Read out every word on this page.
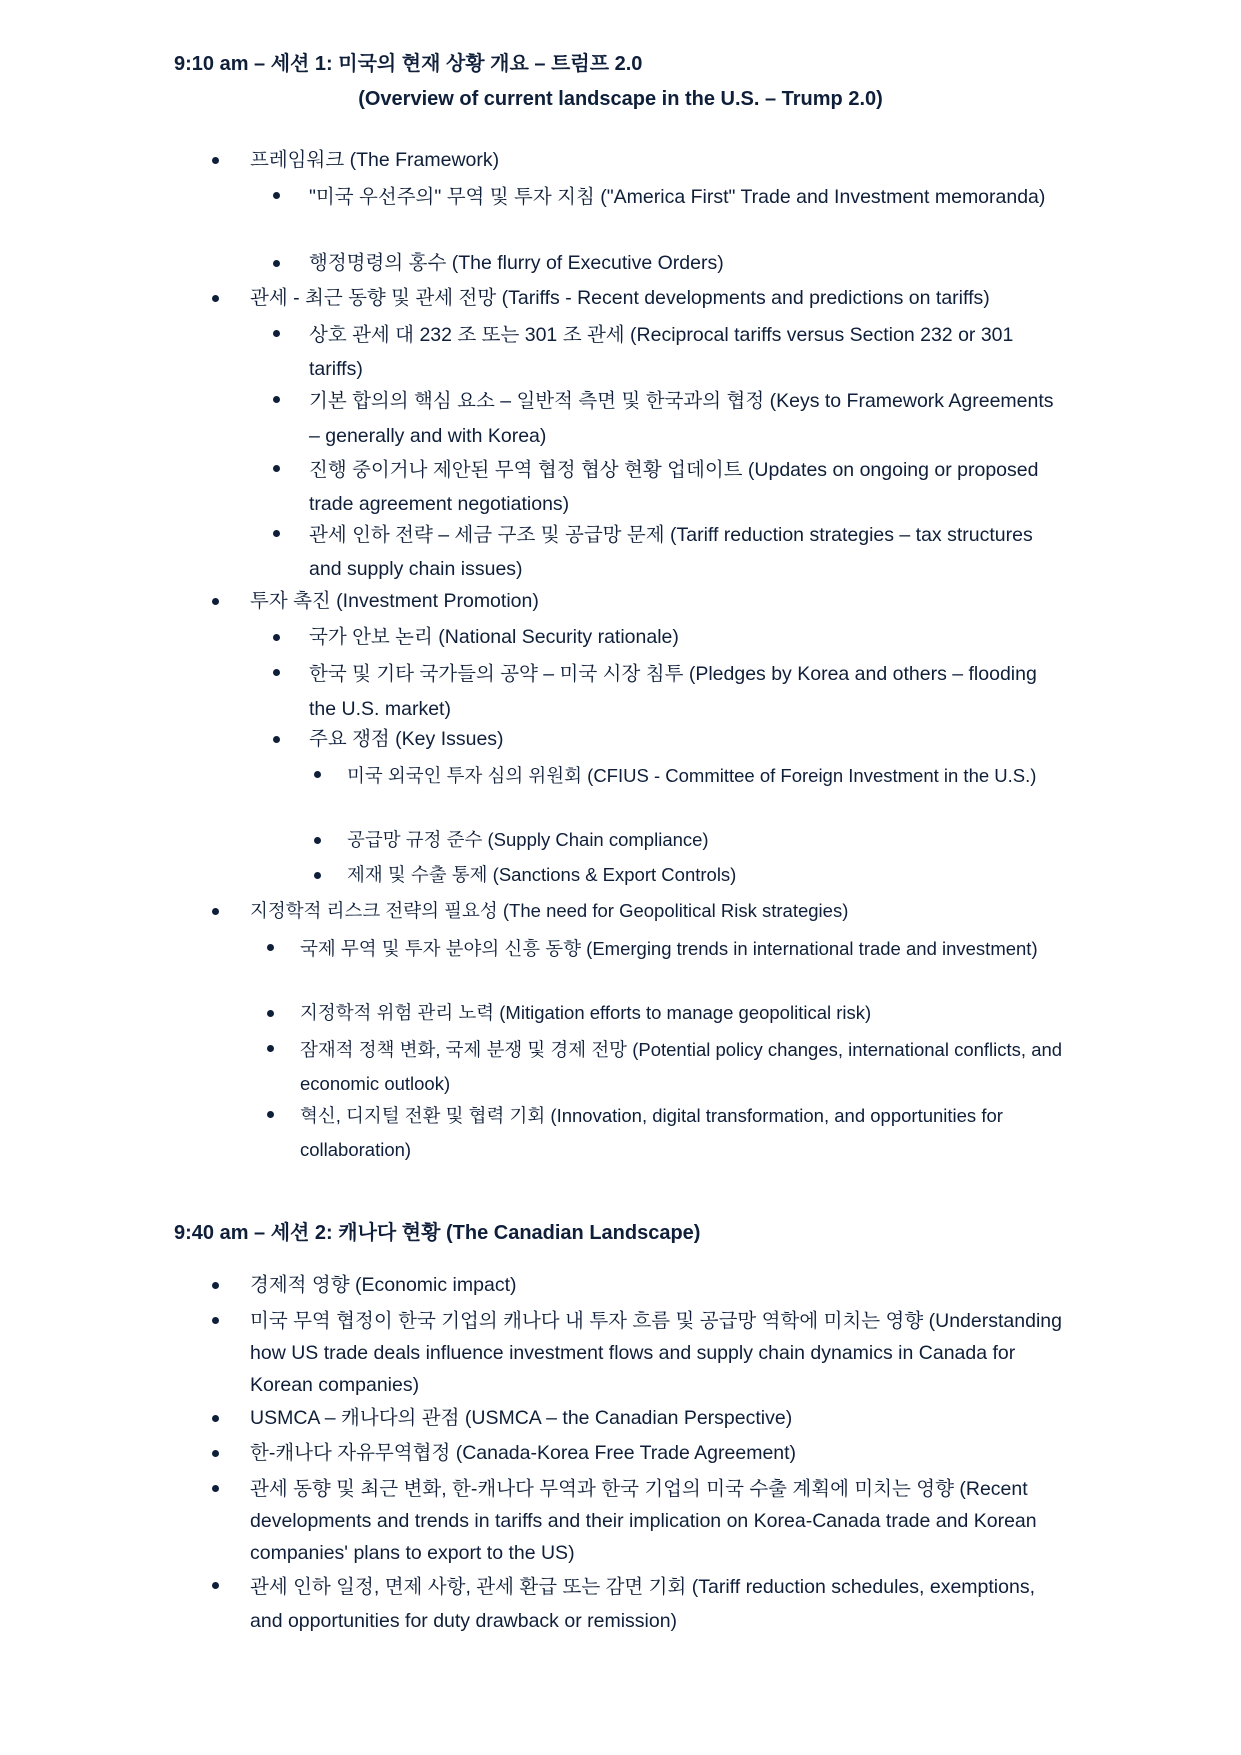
9:10 am – 세션 1: 미국의 현재 상황 개요 – 트럼프 2.0
(Overview of current landscape in the U.S. – Trump 2.0)
프레임워크 (The Framework)
"미국 우선주의" 무역 및 투자 지침 ("America First" Trade and Investment memoranda)
행정명령의 홍수 (The flurry of Executive Orders)
관세 - 최근 동향 및 관세 전망 (Tariffs - Recent developments and predictions on tariffs)
상호 관세 대 232 조 또는 301 조 관세 (Reciprocal tariffs versus Section 232 or 301 tariffs)
기본 합의의 핵심 요소 – 일반적 측면 및 한국과의 협정 (Keys to Framework Agreements – generally and with Korea)
진행 중이거나 제안된 무역 협정 협상 현황 업데이트 (Updates on ongoing or proposed trade agreement negotiations)
관세 인하 전략 – 세금 구조 및 공급망 문제 (Tariff reduction strategies – tax structures and supply chain issues)
투자 촉진 (Investment Promotion)
국가 안보 논리 (National Security rationale)
한국 및 기타 국가들의 공약 – 미국 시장 침투 (Pledges by Korea and others – flooding the U.S. market)
주요 쟁점 (Key Issues)
미국 외국인 투자 심의 위원회 (CFIUS - Committee of Foreign Investment in the U.S.)
공급망 규정 준수 (Supply Chain compliance)
제재 및 수출 통제 (Sanctions & Export Controls)
지정학적 리스크 전략의 필요성 (The need for Geopolitical Risk strategies)
국제 무역 및 투자 분야의 신흥 동향 (Emerging trends in international trade and investment)
지정학적 위험 관리 노력 (Mitigation efforts to manage geopolitical risk)
잠재적 정책 변화, 국제 분쟁 및 경제 전망 (Potential policy changes, international conflicts, and economic outlook)
혁신, 디지털 전환 및 협력 기회 (Innovation, digital transformation, and opportunities for collaboration)
9:40 am – 세션 2: 캐나다 현황 (The Canadian Landscape)
경제적 영향 (Economic impact)
미국 무역 협정이 한국 기업의 캐나다 내 투자 흐름 및 공급망 역학에 미치는 영향 (Understanding how US trade deals influence investment flows and supply chain dynamics in Canada for Korean companies)
USMCA – 캐나다의 관점 (USMCA – the Canadian Perspective)
한-캐나다 자유무역협정 (Canada-Korea Free Trade Agreement)
관세 동향 및 최근 변화, 한-캐나다 무역과 한국 기업의 미국 수출 계획에 미치는 영향 (Recent developments and trends in tariffs and their implication on Korea-Canada trade and Korean companies' plans to export to the US)
관세 인하 일정, 면제 사항, 관세 환급 또는 감면 기회 (Tariff reduction schedules, exemptions, and opportunities for duty drawback or remission)
